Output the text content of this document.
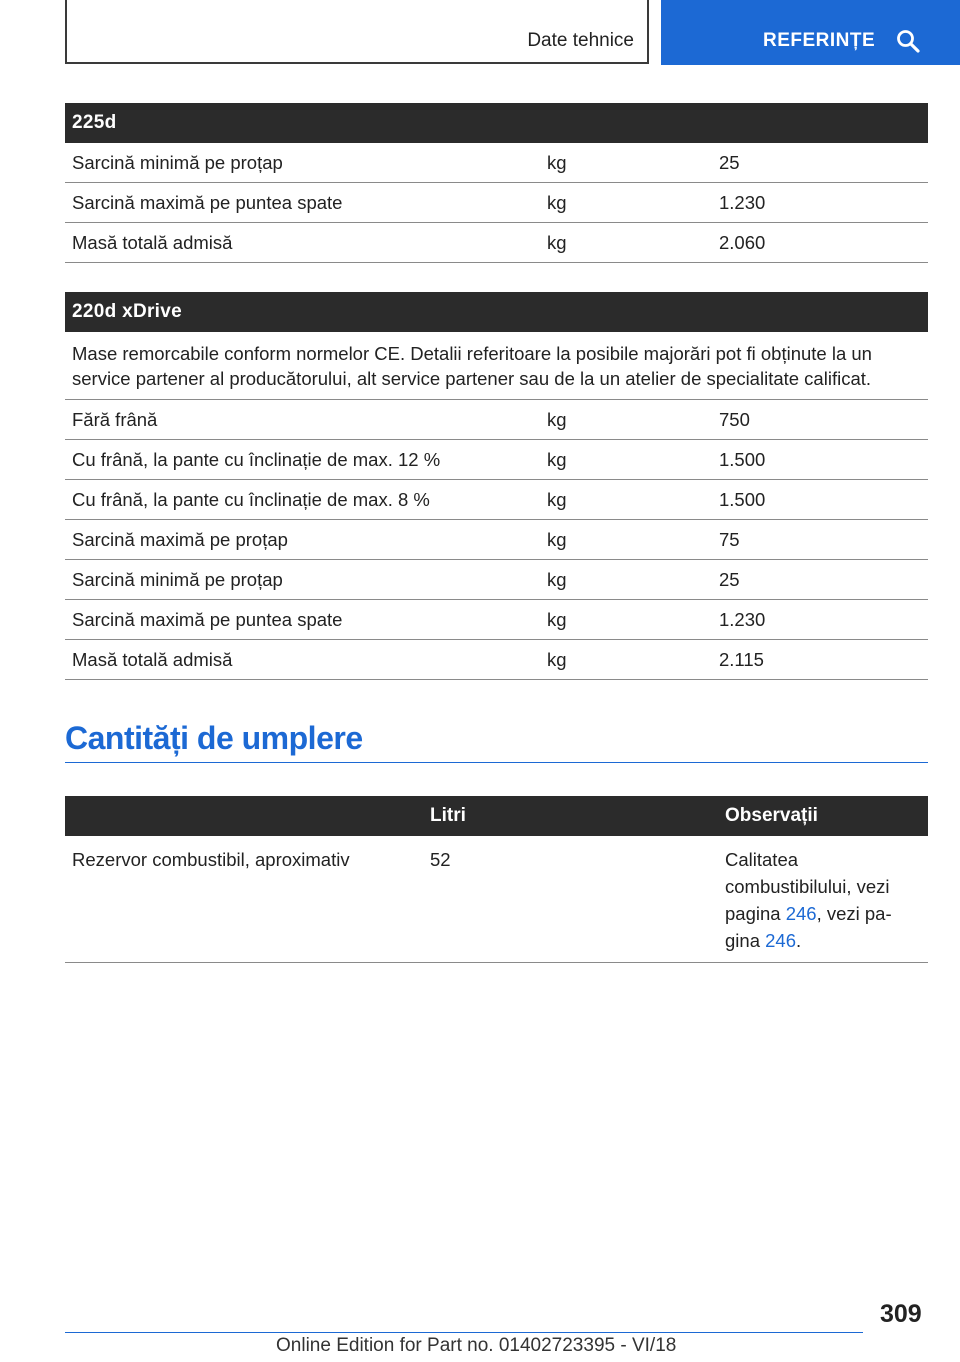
Date tehnice	REFERINȚE
225d		
Sarcină minimă pe proțap	kg	25
Sarcină maximă pe puntea spate	kg	1.230
Masă totală admisă	kg	2.060
220d xDrive		
Mase remorcabile conform normelor CE. Detalii referitoare la posibile majorări pot fi obținute la un service partener al producătorului, alt service partener sau de la un atelier de specialitate calificat.		
Fără frână	kg	750
Cu frână, la pante cu înclinație de max. 12 %	kg	1.500
Cu frână, la pante cu înclinație de max. 8 %	kg	1.500
Sarcină maximă pe proțap	kg	75
Sarcină minimă pe proțap	kg	25
Sarcină maximă pe puntea spate	kg	1.230
Masă totală admisă	kg	2.115
Cantități de umplere
	Litri	Observații
Rezervor combustibil, aproximativ	52	Calitatea combustibilului, vezi pagina 246, vezi pa-gina 246.
309
Online Edition for Part no. 01402723395 - VI/18
